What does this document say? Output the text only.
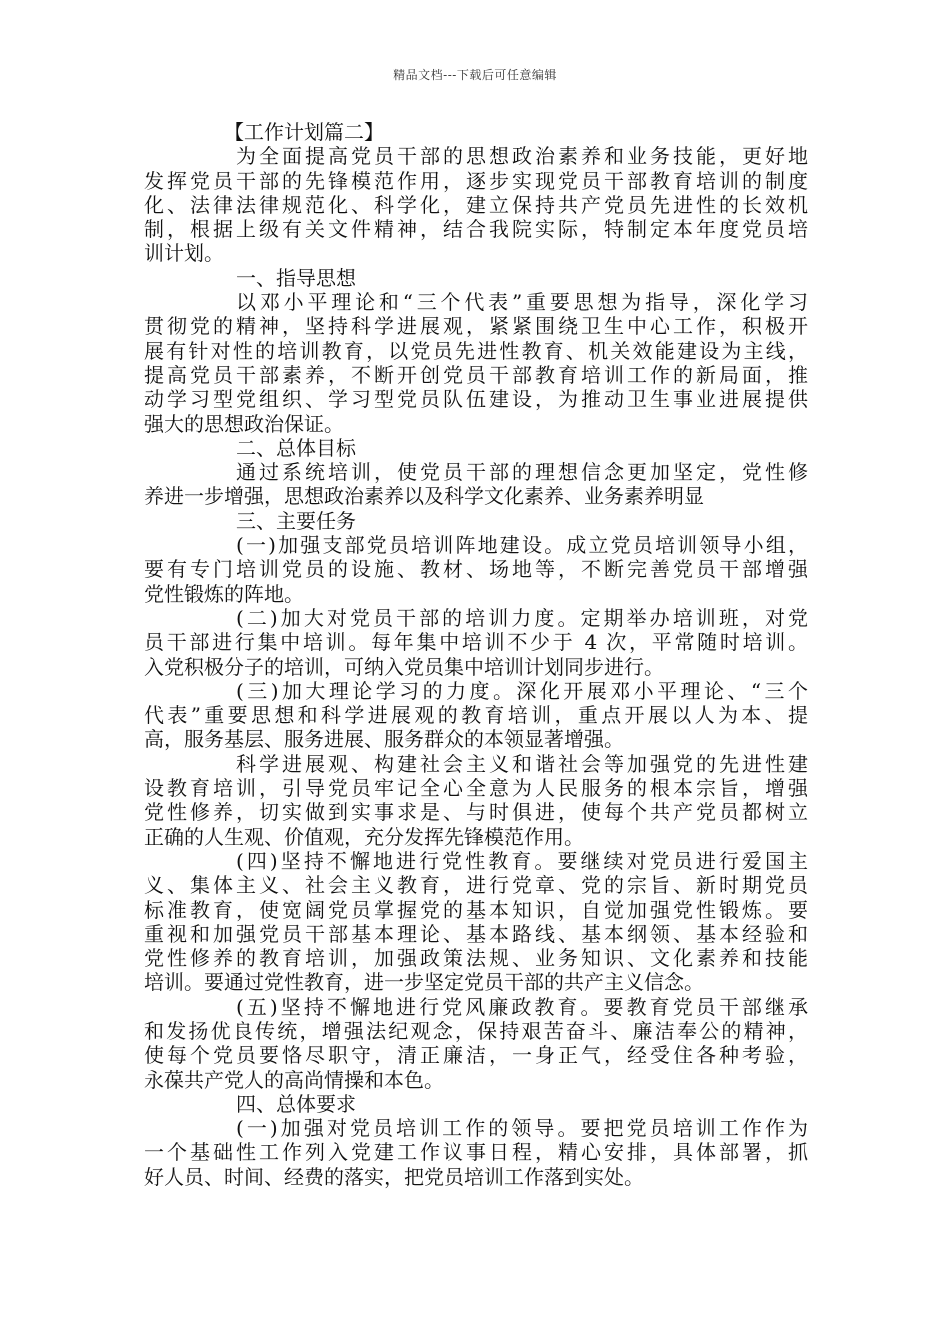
精品文档---下载后可任意编辑
【工作计划篇二】
为全面提高党员干部的思想政治素养和业务技能，更好地
发挥党员干部的先锋模范作用，逐步实现党员干部教育培训的制度
化、法律法律规范化、科学化，建立保持共产党员先进性的长效机
制，根据上级有关文件精神，结合我院实际，特制定本年度党员培
训计划。
一、指导思想
以邓小平理论和“三个代表”重要思想为指导，深化学习
贯彻党的精神，坚持科学进展观，紧紧围绕卫生中心工作，积极开
展有针对性的培训教育，以党员先进性教育、机关效能建设为主线，
提高党员干部素养，不断开创党员干部教育培训工作的新局面，推
动学习型党组织、学习型党员队伍建设，为推动卫生事业进展提供
强大的思想政治保证。
二、总体目标
通过系统培训，使党员干部的理想信念更加坚定，党性修
养进一步增强，思想政治素养以及科学文化素养、业务素养明显
三、主要任务
(一)加强支部党员培训阵地建设。成立党员培训领导小组，
要有专门培训党员的设施、教材、场地等，不断完善党员干部增强
党性锻炼的阵地。
(二)加大对党员干部的培训力度。定期举办培训班，对党
员干部进行集中培训。每年集中培训不少于 4 次，平常随时培训。
入党积极分子的培训，可纳入党员集中培训计划同步进行。
(三)加大理论学习的力度。深化开展邓小平理论、“三个
代表”重要思想和科学进展观的教育培训，重点开展以人为本、提
高，服务基层、服务进展、服务群众的本领显著增强。
科学进展观、构建社会主义和谐社会等加强党的先进性建
设教育培训，引导党员牢记全心全意为人民服务的根本宗旨，增强
党性修养，切实做到实事求是、与时俱进，使每个共产党员都树立
正确的人生观、价值观，充分发挥先锋模范作用。
(四)坚持不懈地进行党性教育。要继续对党员进行爱国主
义、集体主义、社会主义教育，进行党章、党的宗旨、新时期党员
标准教育，使宽阔党员掌握党的基本知识，自觉加强党性锻炼。要
重视和加强党员干部基本理论、基本路线、基本纲领、基本经验和
党性修养的教育培训，加强政策法规、业务知识、文化素养和技能
培训。要通过党性教育，进一步坚定党员干部的共产主义信念。
(五)坚持不懈地进行党风廉政教育。要教育党员干部继承
和发扬优良传统，增强法纪观念，保持艰苦奋斗、廉洁奉公的精神，
使每个党员要恪尽职守，清正廉洁，一身正气，经受住各种考验，
永葆共产党人的高尚情操和本色。
四、总体要求
(一)加强对党员培训工作的领导。要把党员培训工作作为
一个基础性工作列入党建工作议事日程，精心安排，具体部署，抓
好人员、时间、经费的落实，把党员培训工作落到实处。
